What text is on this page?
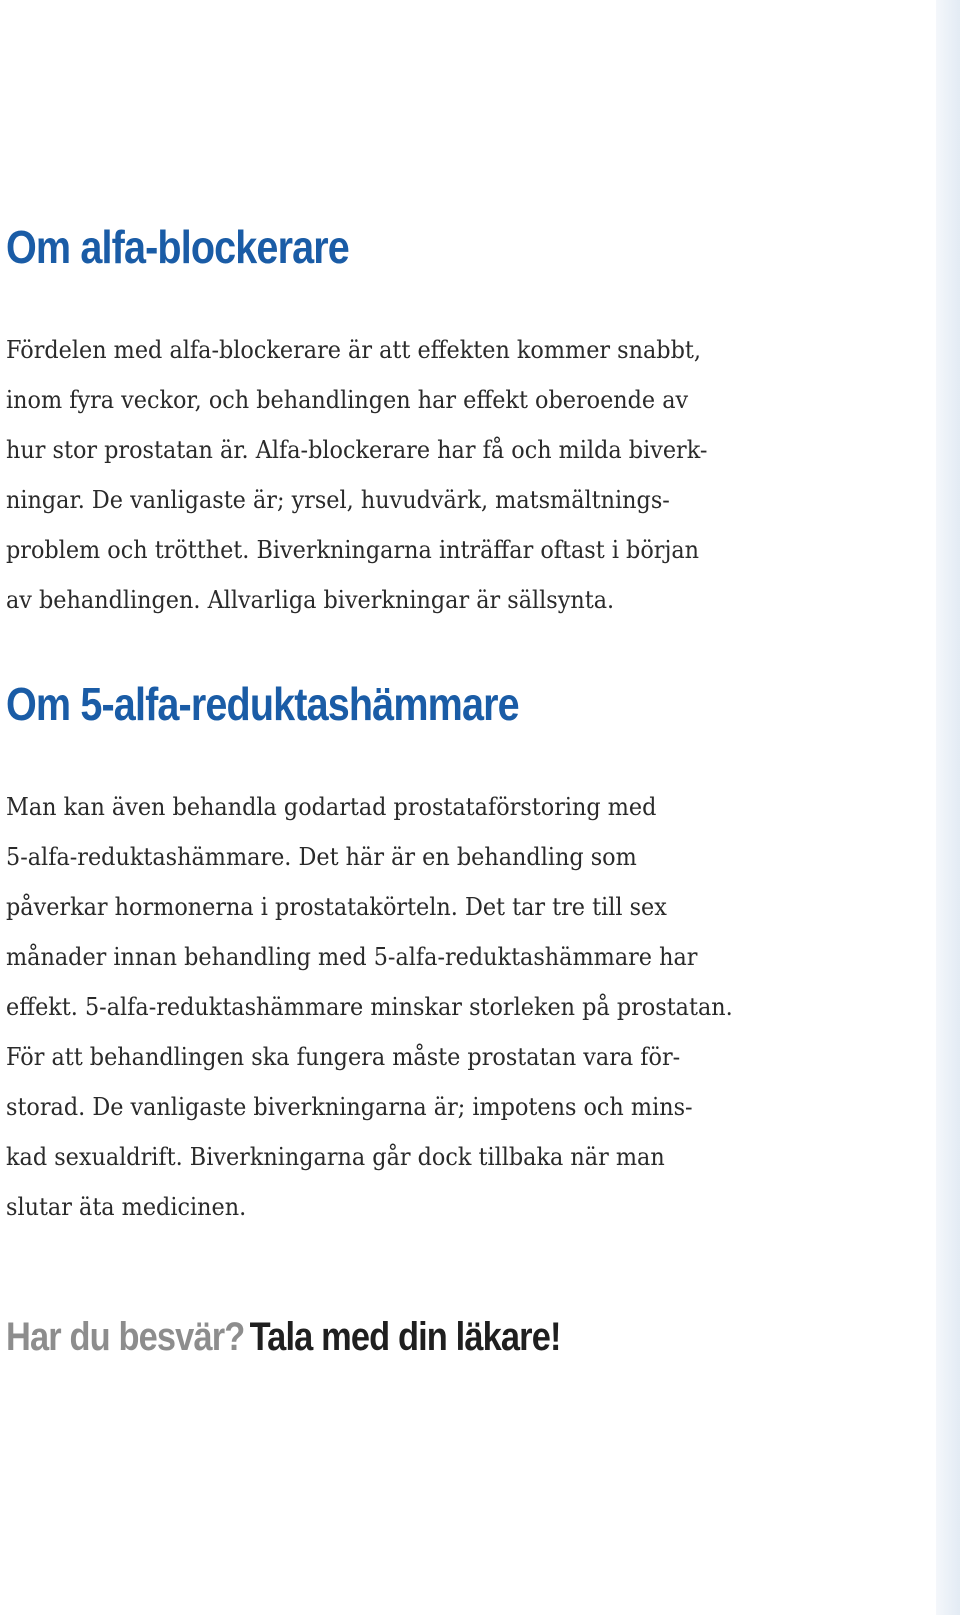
Om alfa-blockerare

Fördelen med alfa-blockerare är att effekten kommer snabbt,
inom fyra veckor, och behandlingen har effekt oberoende av
hur stor prostatan är. Alfa-blockerare har få och milda biverk-
ningar. De vanligaste är; yrsel, huvudvärk, matsmältnings-
problem och trötthet. Biverkningarna inträffar oftast i början
av behandlingen. Allvarliga biverkningar är sällsynta.

Om 5-alfa-reduktashämmare

Man kan även behandla godartad prostataförstoring med
5-alfa-reduktashämmare. Det här är en behandling som
påverkar hormonerna i prostatakörteln. Det tar tre till sex
månader innan behandling med 5-alfa-reduktashämmare har
effekt. 5-alfa-reduktashämmare minskar storleken på prostatan.
För att behandlingen ska fungera måste prostatan vara för-
storad. De vanligaste biverkningarna är; impotens och mins-
kad sexualdrift. Biverkningarna går dock tillbaka när man
slutar äta medicinen.

Har du besvär? Tala med din läkare!
